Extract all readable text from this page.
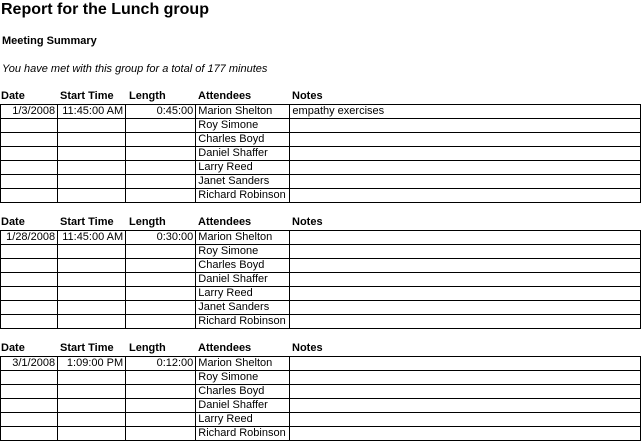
Report for the Lunch group
Meeting Summary
You have met with this group for a total of 177 minutes
Date	Start Time Length	Attendees	Notes
1/3/2008	11:45:00 AM	0:45:00	Marion Shelton	empathy exercises
			Roy Simone	
			Charles Boyd	
			Daniel Shaffer	
			Larry Reed	
			Janet Sanders	
			Richard Robinson	
Date	Start Time Length	Attendees	Notes
1/28/2008	11:45:00 AM	0:30:00	Marion Shelton	
			Roy Simone	
			Charles Boyd	
			Daniel Shaffer	
			Larry Reed	
			Janet Sanders	
			Richard Robinson	
Date	Start Time Length	Attendees	Notes
3/1/2008	1:09:00 PM	0:12:00	Marion Shelton	
			Roy Simone	
			Charles Boyd	
			Daniel Shaffer	
			Larry Reed	
			Richard Robinson	
